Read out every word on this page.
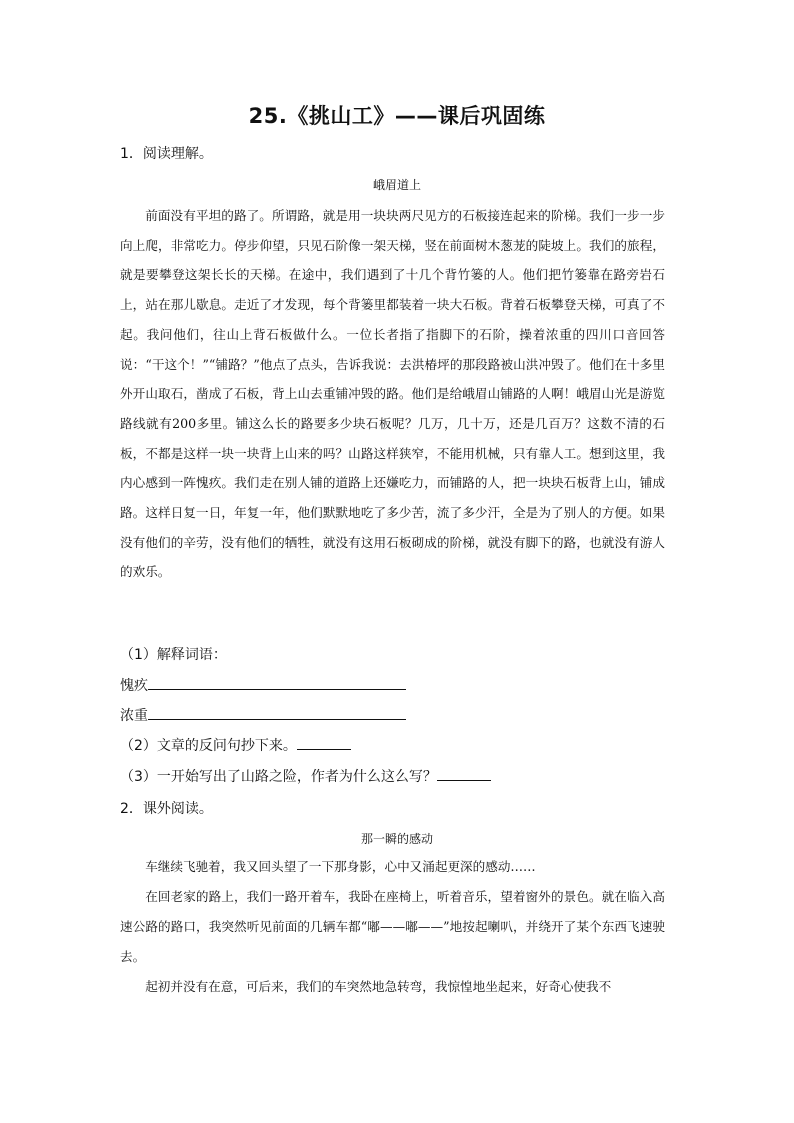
25.《挑山工》——课后巩固练
1．阅读理解。
峨眉道上

前面没有平坦的路了。所谓路，就是用一块块两尺见方的石板接连起来的阶梯。我们一步一步向上爬，非常吃力。停步仰望，只见石阶像一架天梯，竖在前面树木葱茏的陡坡上。我们的旅程，就是要攀登这架长长的天梯。在途中，我们遇到了十几个背竹篓的人。他们把竹篓靠在路旁岩石上，站在那儿歇息。走近了才发现，每个背篓里都装着一块大石板。背着石板攀登天梯，可真了不起。我问他们，往山上背石板做什么。一位长者指了指脚下的石阶，操着浓重的四川口音回答说：“干这个！”“铺路？”他点了点头，告诉我说：去洪椿坪的那段路被山洪冲毁了。他们在十多里外开山取石，凿成了石板，背上山去重铺冲毁的路。他们是给峨眉山铺路的人啊！峨眉山光是游览路线就有200多里。铺这么长的路要多少块石板呢？几万，几十万，还是几百万？这数不清的石板，不都是这样一块一块背上山来的吗？山路这样狭窄，不能用机械，只有靠人工。想到这里，我内心感到一阵愧疚。我们走在别人铺的道路上还嫌吃力，而铺路的人，把一块块石板背上山，铺成路。这样日复一日，年复一年，他们默默地吃了多少苦，流了多少汗，全是为了别人的方便。如果没有他们的辛劳，没有他们的牺牲，就没有这用石板砌成的阶梯，就没有脚下的路，也就没有游人的欢乐。

（1）解释词语：
愧疚
浓重
（2）文章的反问句抄下来。
（3）一开始写出了山路之险，作者为什么这么写？
2．课外阅读。
那一瞬的感动

车继续飞驰着，我又回头望了一下那身影，心中又涌起更深的感动……

在回老家的路上，我们一路开着车，我卧在座椅上，听着音乐，望着窗外的景色。就在临入高速公路的路口，我突然听见前面的几辆车都“嘟——嘟——”地按起喇叭，并绕开了某个东西飞速驶去。

起初并没有在意，可后来，我们的车突然地急转弯，我惊惶地坐起来，好奇心使我不
